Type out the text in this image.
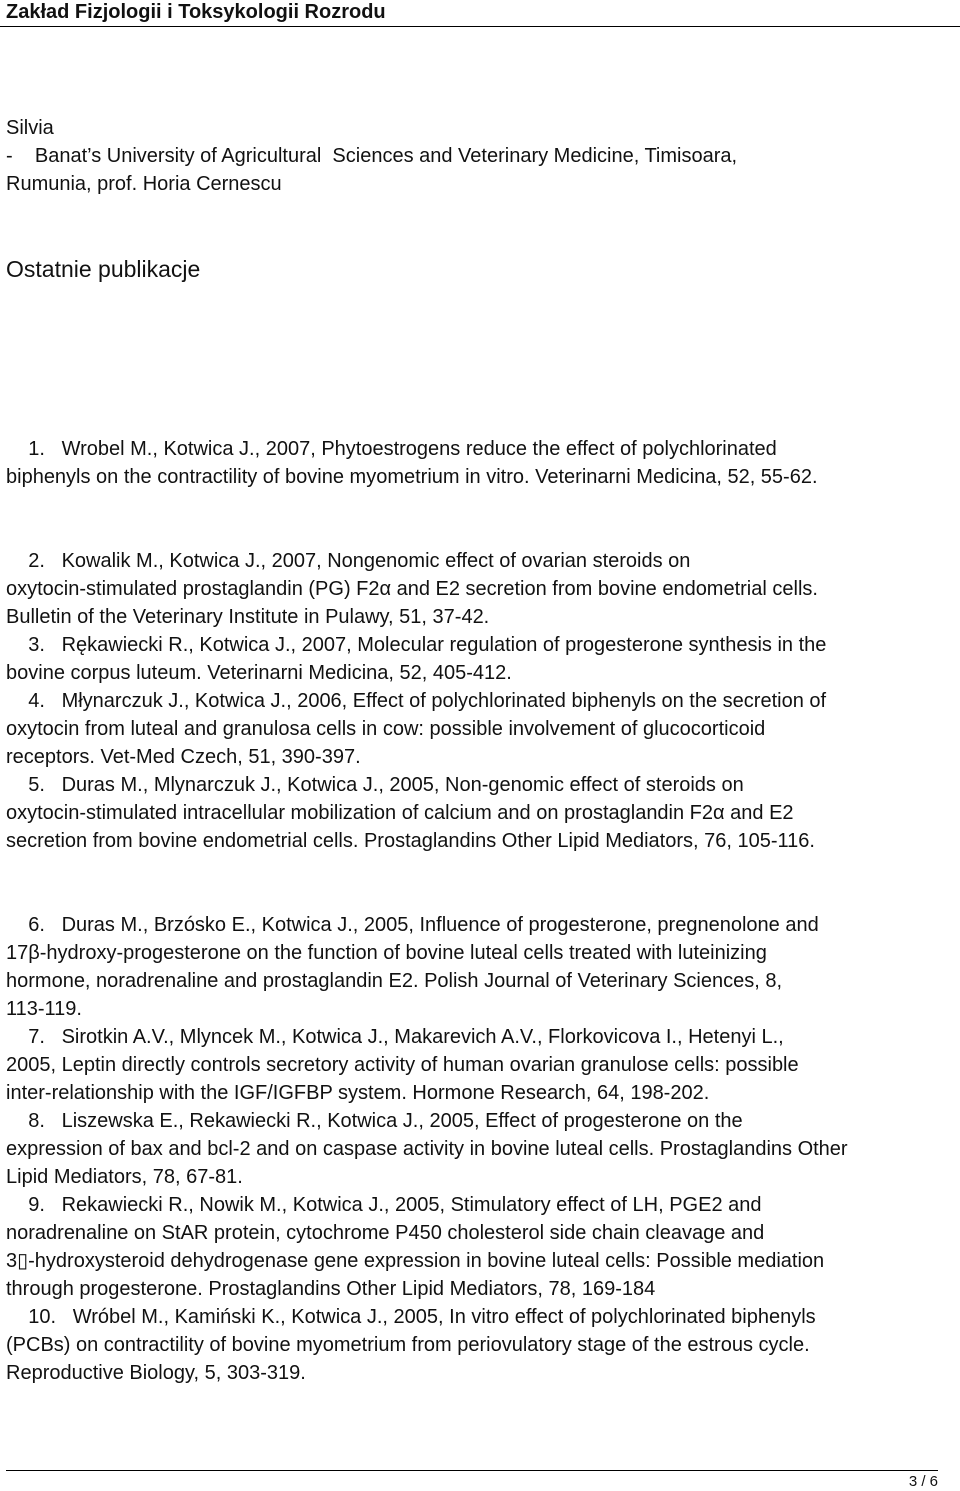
Zakład Fizjologii i Toksykologii Rozrodu
Silvia
-    Banat’s University of Agricultural  Sciences and Veterinary Medicine, Timisoara,
Rumunia, prof. Horia Cernescu
Ostatnie publikacje
1.   Wrobel M., Kotwica J., 2007, Phytoestrogens reduce the effect of polychlorinated
biphenyls on the contractility of bovine myometrium in vitro. Veterinarni Medicina, 52, 55-62.
2.   Kowalik M., Kotwica J., 2007, Nongenomic effect of ovarian steroids on
oxytocin-stimulated prostaglandin (PG) F2α and E2 secretion from bovine endometrial cells.
Bulletin of the Veterinary Institute in Pulawy, 51, 37-42.
3.   Rękawiecki R., Kotwica J., 2007, Molecular regulation of progesterone synthesis in the
bovine corpus luteum. Veterinarni Medicina, 52, 405-412.
4.   Młynarczuk J., Kotwica J., 2006, Effect of polychlorinated biphenyls on the secretion of
oxytocin from luteal and granulosa cells in cow: possible involvement of glucocorticoid
receptors. Vet-Med Czech, 51, 390-397.
5.   Duras M., Mlynarczuk J., Kotwica J., 2005, Non-genomic effect of steroids on
oxytocin-stimulated intracellular mobilization of calcium and on prostaglandin F2α and E2
secretion from bovine endometrial cells. Prostaglandins Other Lipid Mediators, 76, 105-116.
6.   Duras M., Brzósko E., Kotwica J., 2005, Influence of progesterone, pregnenolone and
17β-hydroxy-progesterone on the function of bovine luteal cells treated with luteinizing
hormone, noradrenaline and prostaglandin E2. Polish Journal of Veterinary Sciences, 8,
113-119.
7.   Sirotkin A.V., Mlyncek M., Kotwica J., Makarevich A.V., Florkovicova I., Hetenyi L.,
2005, Leptin directly controls secretory activity of human ovarian granulose cells: possible
inter-relationship with the IGF/IGFBP system. Hormone Research, 64, 198-202.
8.   Liszewska E., Rekawiecki R., Kotwica J., 2005, Effect of progesterone on the
expression of bax and bcl-2 and on caspase activity in bovine luteal cells. Prostaglandins Other
Lipid Mediators, 78, 67-81.
9.   Rekawiecki R., Nowik M., Kotwica J., 2005, Stimulatory effect of LH, PGE2 and
noradrenaline on StAR protein, cytochrome P450 cholesterol side chain cleavage and
3▯-hydroxysteroid dehydrogenase gene expression in bovine luteal cells: Possible mediation
through progesterone. Prostaglandins Other Lipid Mediators, 78, 169-184
10.   Wróbel M., Kamiński K., Kotwica J., 2005, In vitro effect of polychlorinated biphenyls
(PCBs) on contractility of bovine myometrium from periovulatory stage of the estrous cycle.
Reproductive Biology, 5, 303-319.
3 / 6
